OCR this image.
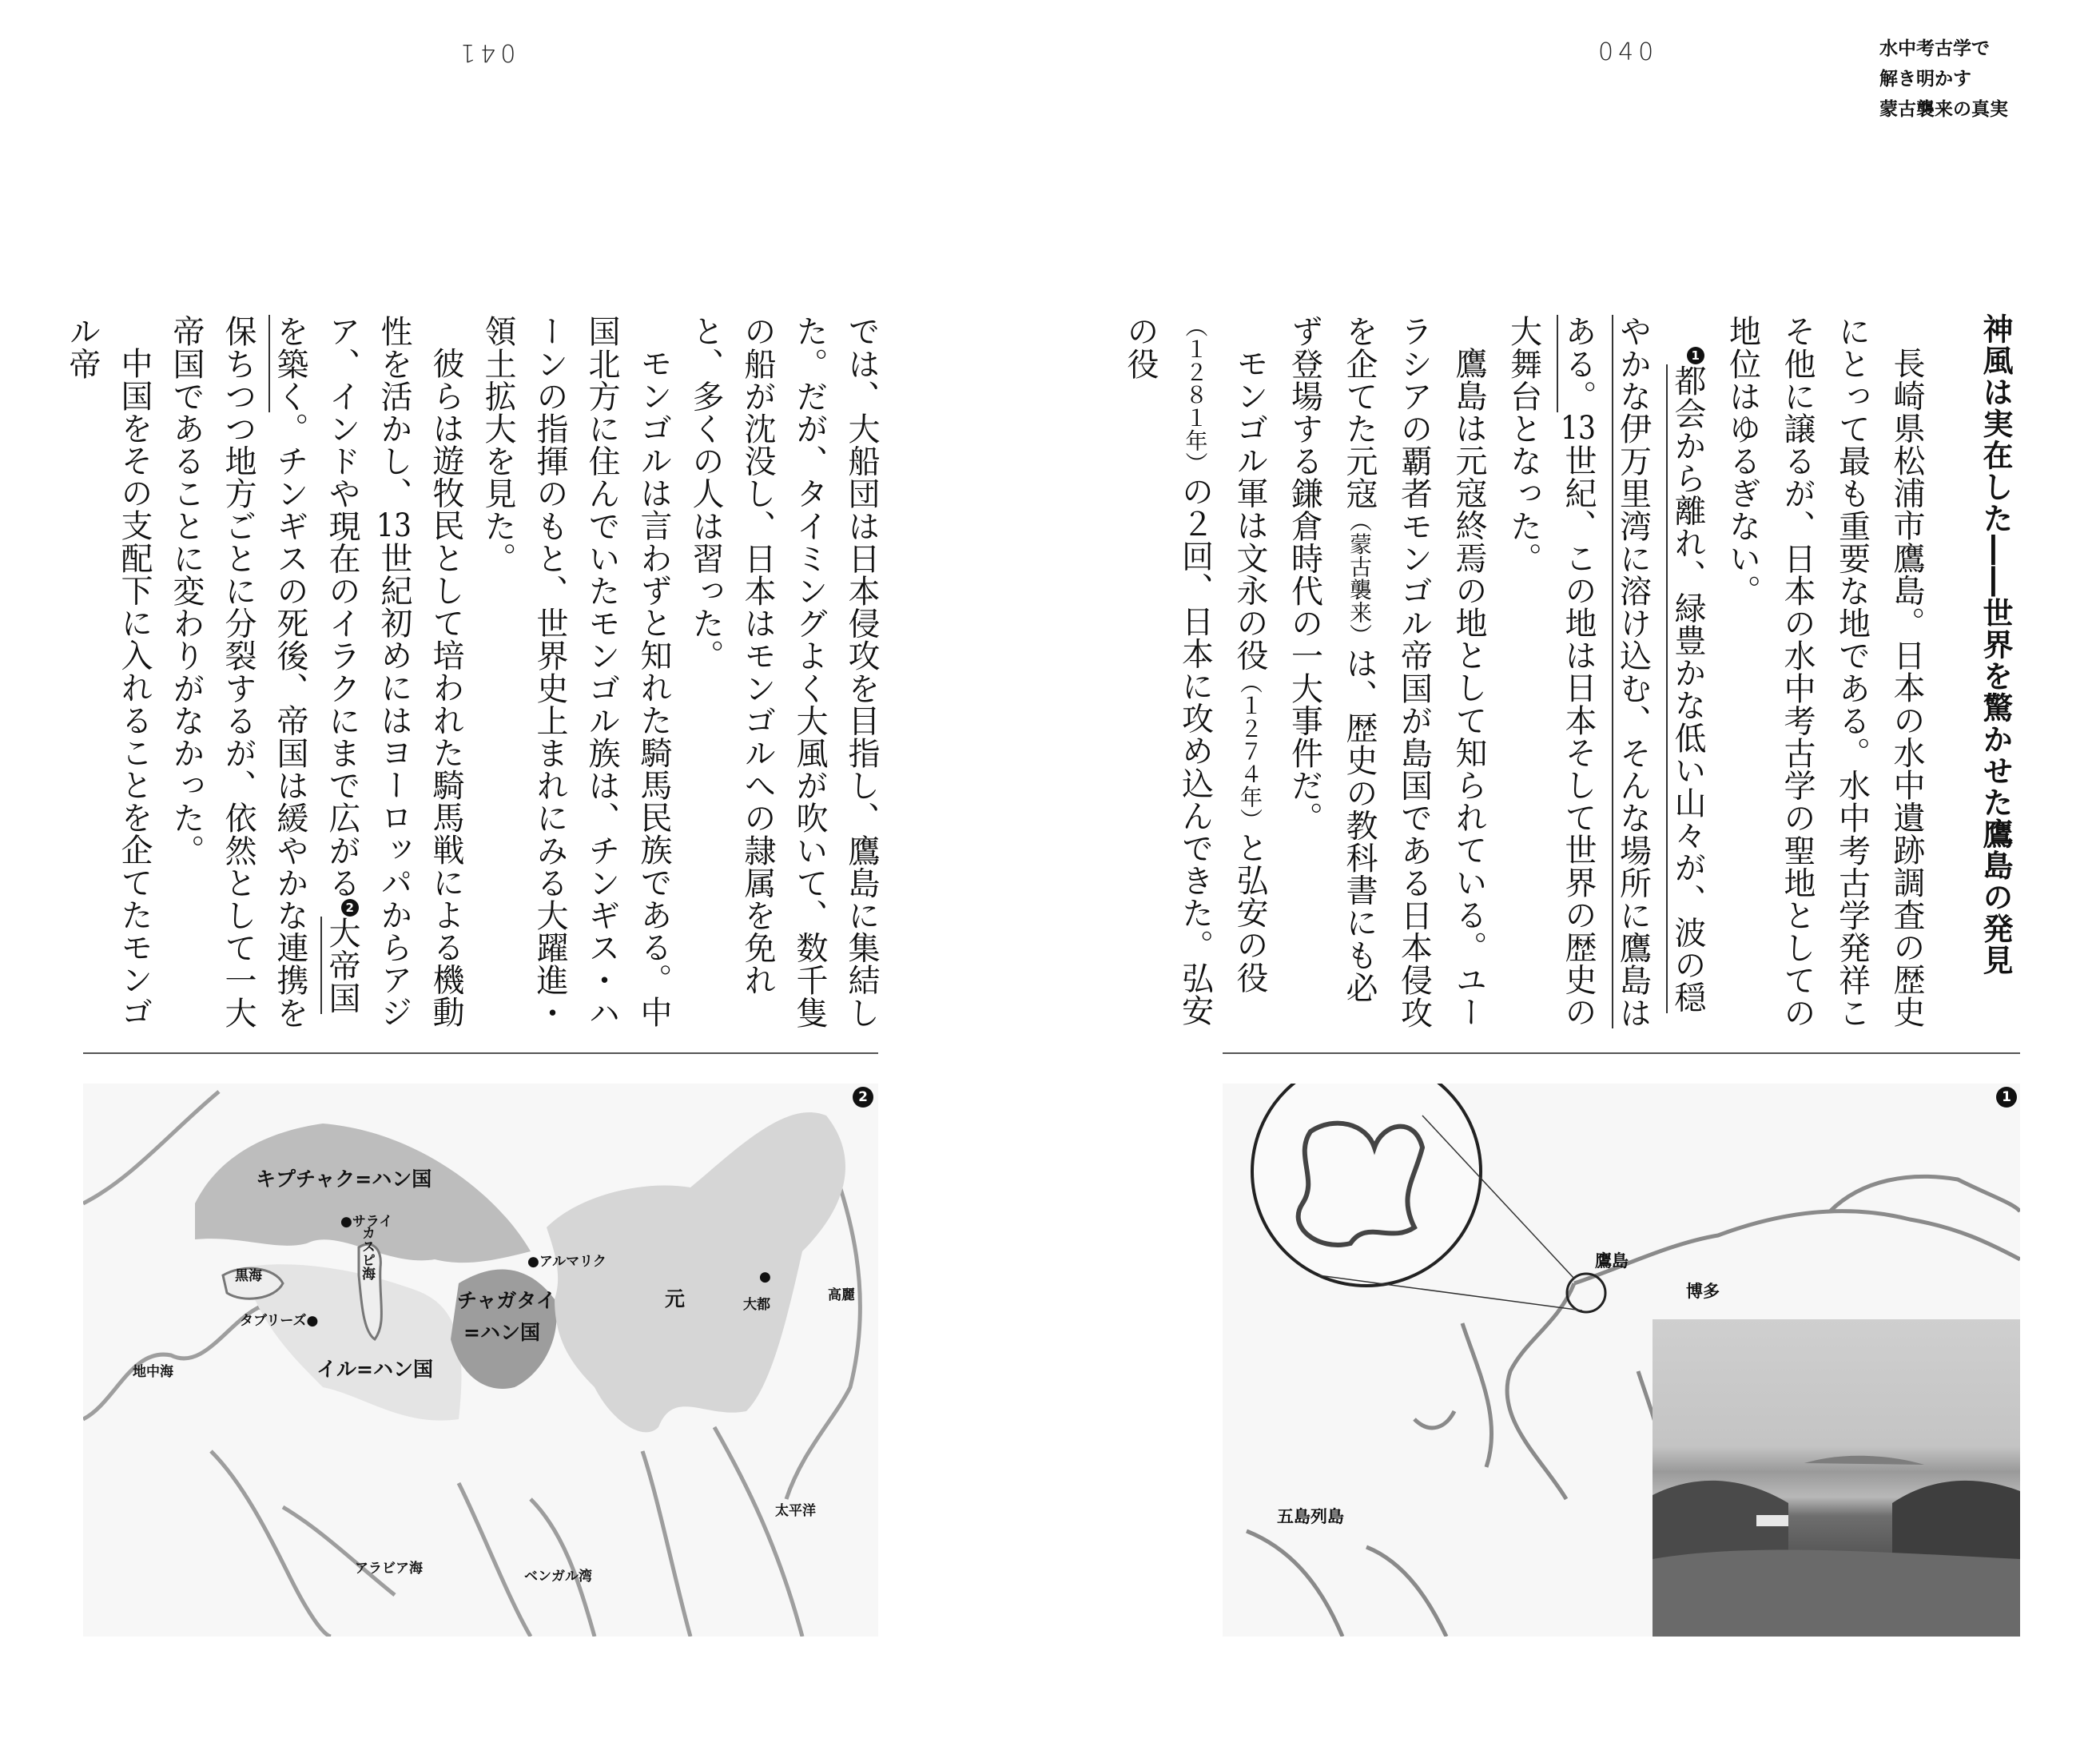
041	040	水中考古学で
解き明かす
蒙古襲来の真実
神風は実在した――世界を驚かせた鷹島の発見

長崎県松浦市鷹島。日本の水中遺跡調査の歴史にとって最も重要な地である。水中考古学発祥こそ他に譲るが、日本の水中考古学の聖地としての地位はゆるぎない。

1都会から離れ、緑豊かな低い山々が、波の穏やかな伊万里湾に溶け込む、そんな場所に鷹島はある。13世紀、この地は日本そして世界の歴史の大舞台となった。

鷹島は元寇終焉の地として知られている。ユーラシアの覇者モンゴル帝国が島国である日本侵攻を企てた元寇（蒙古襲来）は、歴史の教科書にも必ず登場する鎌倉時代の一大事件だ。

モンゴル軍は文永の役（１２７４年）と弘安の役（１２８１年）の２回、日本に攻め込んできた。弘安の役

では、大船団は日本侵攻を目指し、鷹島に集結した。だが、タイミングよく大風が吹いて、数千隻の船が沈没し、日本はモンゴルへの隷属を免れと、多くの人は習った。

モンゴルは言わずと知れた騎馬民族である。中国北方に住んでいたモンゴル族は、チンギス・ハーンの指揮のもと、世界史上まれにみる大躍進・領土拡大を見た。

彼らは遊牧民として培われた騎馬戦による機動性を活かし、13世紀初めにはヨーロッパからアジア、インドや現在のイラクにまで広がる2大帝国を築く。チンギスの死後、帝国は緩やかな連携を保ちつつ地方ごとに分裂するが、依然として一大帝国であることに変わりがなかった。

中国をその支配下に入れることを企てたモンゴル帝

2
キプチャク=ハン国
●サライ
カスピ海
黒海
タブリーズ●
地中海	イル=ハン国
●アルマリク
チャガタイ
=ハン国
元
●
大都
高麗
太平洋
アラビア海	ベンガル湾
1
鷹島
博多
五島列島
